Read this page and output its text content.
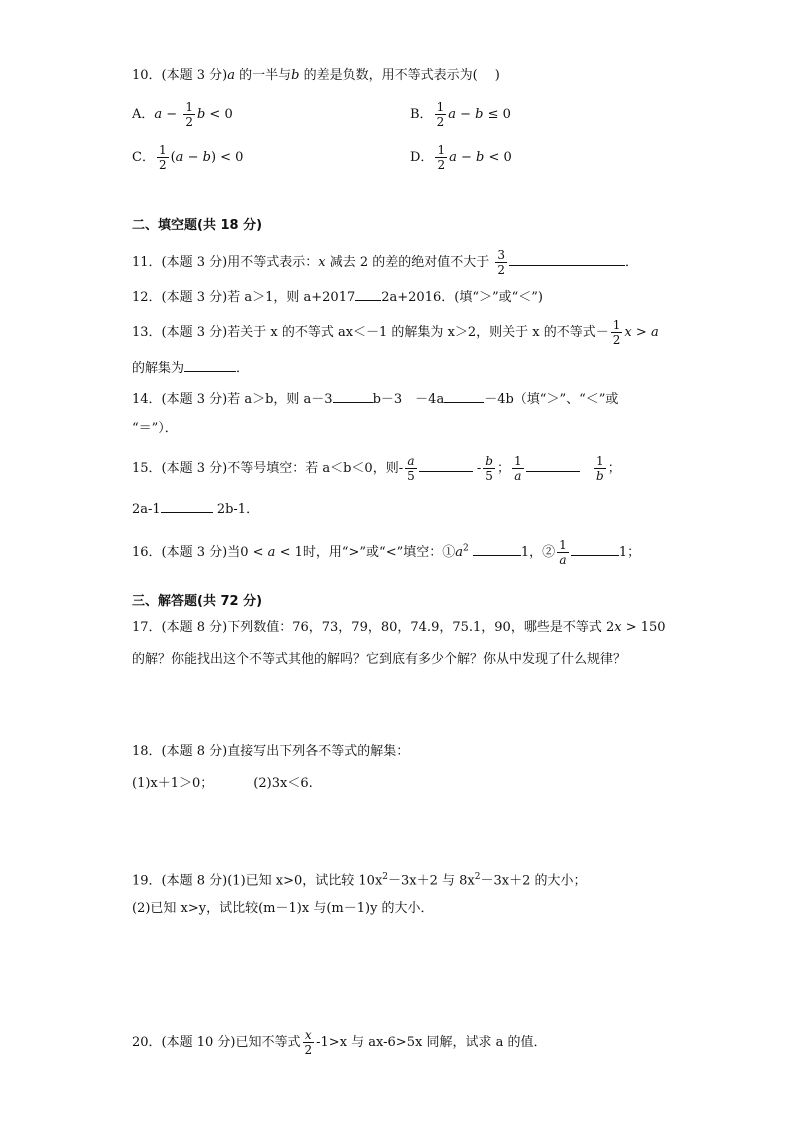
10．(本题 3 分)a 的一半与b 的差是负数，用不等式表示为(　 )
A．$a - \frac{1}{2}$ b < 0	B． $\frac{1}{2}$ a − b ≤ 0
C． $\frac{1}{2} (a - b) < 0$	D． $\frac{1}{2}$ a − b < 0
二、填空题(共 18 分)
11．(本题 3 分)用不等式表示：x 减去 2 的差的绝对值不大于 $\frac{3}{2}$	．
12．(本题 3 分)若 a＞1，则 a+2017 2a+2016．(填“＞”或“＜”)
13．(本题 3 分)若关于 x 的不等式 ax＜－1 的解集为 x＞2，则关于 x 的不等式－ $\frac{1}{2}$ x > a
的解集为	．
14．(本题 3 分)若 a＞b，则 a－3	b－3　－4a	－4b（填“＞”、“＜”或
“＝”）．
15．(本题 3 分)不等号填空：若 a＜b＜0，则- $\frac{a}{5}$	- $\frac{b}{5}$ ； $\frac{1}{a}$
	$\frac{1}{b}$ ；
2a-1	2b-1．
16．(本题 3 分)当0 < a < 1时，用“>”或“<”填空：$①a^2$	1，② $\frac{1}{a}$	1；
三、解答题(共 72 分)
17．(本题 8 分)下列数值：76，73，79，80，74.9，75.1，90，哪些是不等式 2x > 150
的解？你能找出这个不等式其他的解吗？它到底有多少个解？你从中发现了什么规律？
18．(本题 8 分)直接写出下列各不等式的解集：
(1)x＋1＞0；	(2)3x＜6.
19．(本题 8 分)(1)已知 x>0，试比较 $10x^2-3x+2$ 与 $8x^2-3x+2$ 的大小；
(2)已知 x>y，试比较(m－1)x 与(m－1)y 的大小．
20．(本题 10 分)已知不等式 $\frac{x}{2} -1>x$ 与 ax-6>5x 同解，试求 a 的值．
